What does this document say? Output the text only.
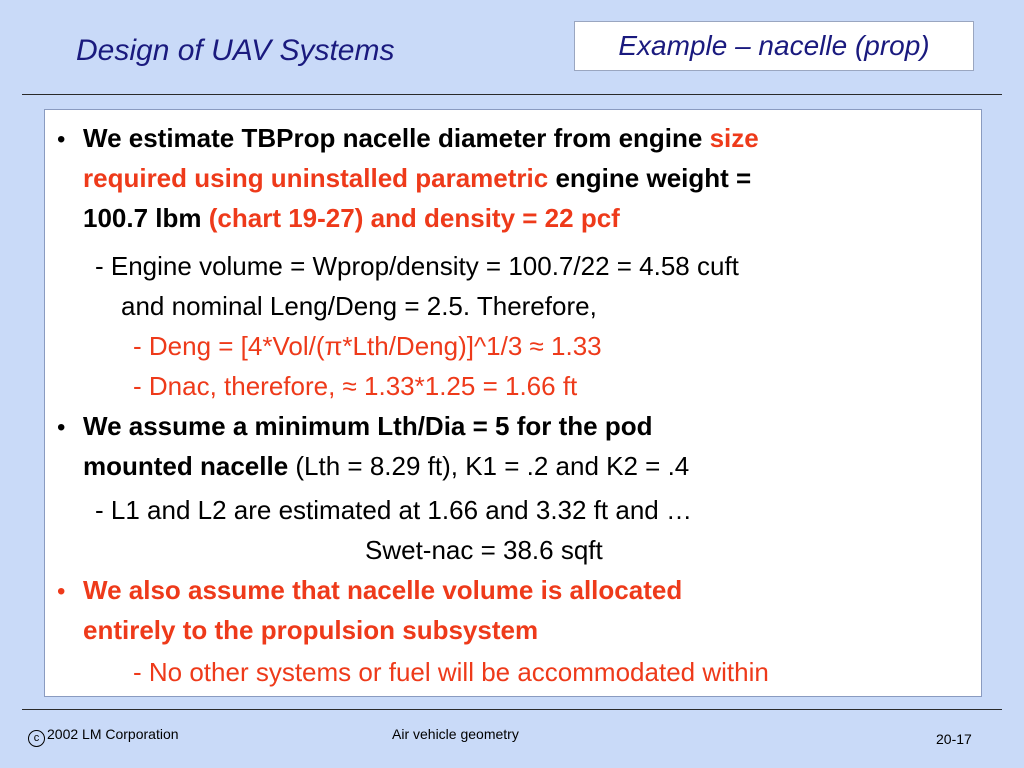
Design of UAV Systems	Example – nacelle (prop)
• We estimate TBProp nacelle diameter from engine size
required using uninstalled parametric engine weight =
100.7 lbm (chart 19-27) and density = 22 pcf
- Engine volume = Wprop/density = 100.7/22 = 4.58 cuft
and nominal Leng/Deng = 2.5. Therefore,
- Deng = [4*Vol/(π*Lth/Deng)]^1/3 ≈ 1.33
- Dnac, therefore, ≈ 1.33*1.25 = 1.66 ft
• We assume a minimum Lth/Dia = 5 for the pod
mounted nacelle (Lth = 8.29 ft), K1 = .2 and K2 = .4
- L1 and L2 are estimated at 1.66 and 3.32 ft and …
Swet-nac = 38.6 sqft
• We also assume that nacelle volume is allocated
entirely to the propulsion subsystem
- No other systems or fuel will be accommodated within
c 2002 LM Corporation	Air vehicle geometry	20-17
